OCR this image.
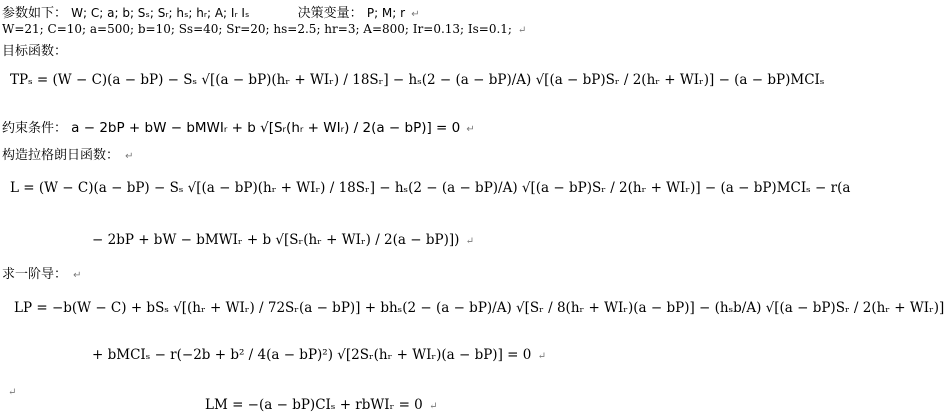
参数如下： W; C; a; b; Sₛ; Sᵣ; hₛ; hᵣ; A; Iᵣ Iₛ	决策变量： P; M; r ↵
W=21; C=10; a=500; b=10; Ss=40; Sr=20; hs=2.5; hr=3; A=800; Ir=0.13; Is=0.1; ↵
目标函数：
TPₛ = (W − C)(a − bP) − Sₛ √[(a − bP)(hᵣ + WIᵣ) / 18Sᵣ] − hₛ(2 − (a − bP)/A) √[(a − bP)Sᵣ / 2(hᵣ + WIᵣ)] − (a − bP)MCIₛ
约束条件： a − 2bP + bW − bMWIᵣ + b √[Sᵣ(hᵣ + WIᵣ) / 2(a − bP)] = 0 ↵
构造拉格朗日函数： ↵
L = (W − C)(a − bP) − Sₛ √[(a − bP)(hᵣ + WIᵣ) / 18Sᵣ] − hₛ(2 − (a − bP)/A) √[(a − bP)Sᵣ / 2(hᵣ + WIᵣ)] − (a − bP)MCIₛ − r(a
− 2bP + bW − bMWIᵣ + b √[Sᵣ(hᵣ + WIᵣ) / 2(a − bP)]) ↵
求一阶导： ↵
LP = −b(W − C) + bSₛ √[(hᵣ + WIᵣ) / 72Sᵣ(a − bP)] + bhₛ(2 − (a − bP)/A) √[Sᵣ / 8(hᵣ + WIᵣ)(a − bP)] − (hₛb/A) √[(a − bP)Sᵣ / 2(hᵣ + WIᵣ)]
+ bMCIₛ − r(−2b + b² / 4(a − bP)²) √[2Sᵣ(hᵣ + WIᵣ)(a − bP)] = 0 ↵
↵
LM = −(a − bP)CIₛ + rbWIᵣ = 0 ↵
